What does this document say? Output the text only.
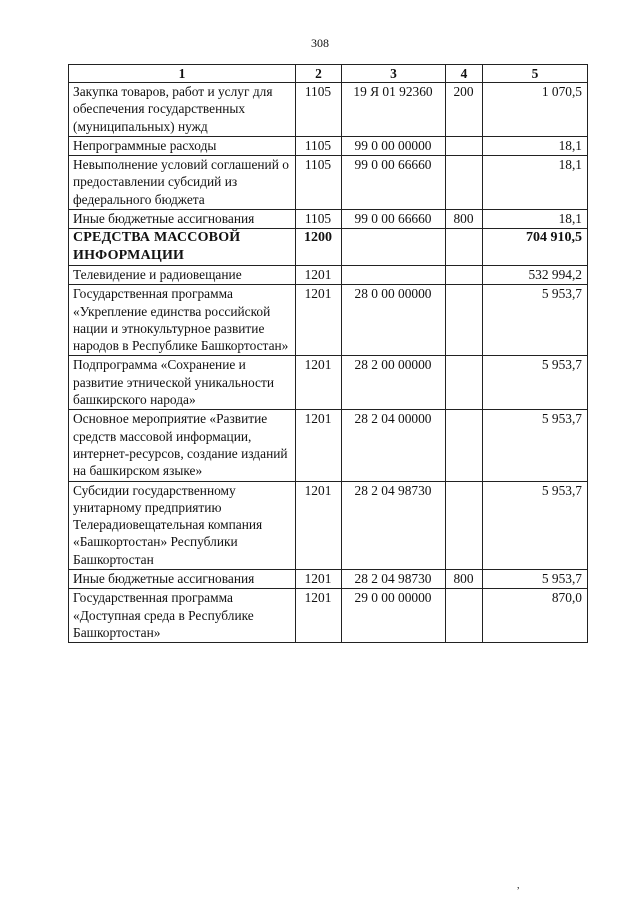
308
1	2	3	4	5
Закупка товаров, работ и услуг для обеспечения государственных (муниципальных) нужд	1105	19 Я 01 92360	200	1 070,5
Непрограммные расходы	1105	99 0 00 00000		18,1
Невыполнение условий соглашений о предоставлении субсидий из федерального бюджета	1105	99 0 00 66660		18,1
Иные бюджетные ассигнования	1105	99 0 00 66660	800	18,1
СРЕДСТВА МАССОВОЙ ИНФОРМАЦИИ	1200			704 910,5
Телевидение и радиовещание	1201			532 994,2
Государственная программа «Укрепление единства российской нации и этнокультурное развитие народов в Республике Башкортостан»	1201	28 0 00 00000		5 953,7
Подпрограмма «Сохранение и развитие этнической уникальности башкирского народа»	1201	28 2 00 00000		5 953,7
Основное мероприятие «Развитие средств массовой информации, интернет-ресурсов, создание изданий на башкирском языке»	1201	28 2 04 00000		5 953,7
Субсидии государственному унитарному предприятию Телерадиовещательная компания «Башкортостан» Республики Башкортостан	1201	28 2 04 98730		5 953,7
Иные бюджетные ассигнования	1201	28 2 04 98730	800	5 953,7
Государственная программа «Доступная среда в Республике Башкортостан»	1201	29 0 00 00000		870,0
,
